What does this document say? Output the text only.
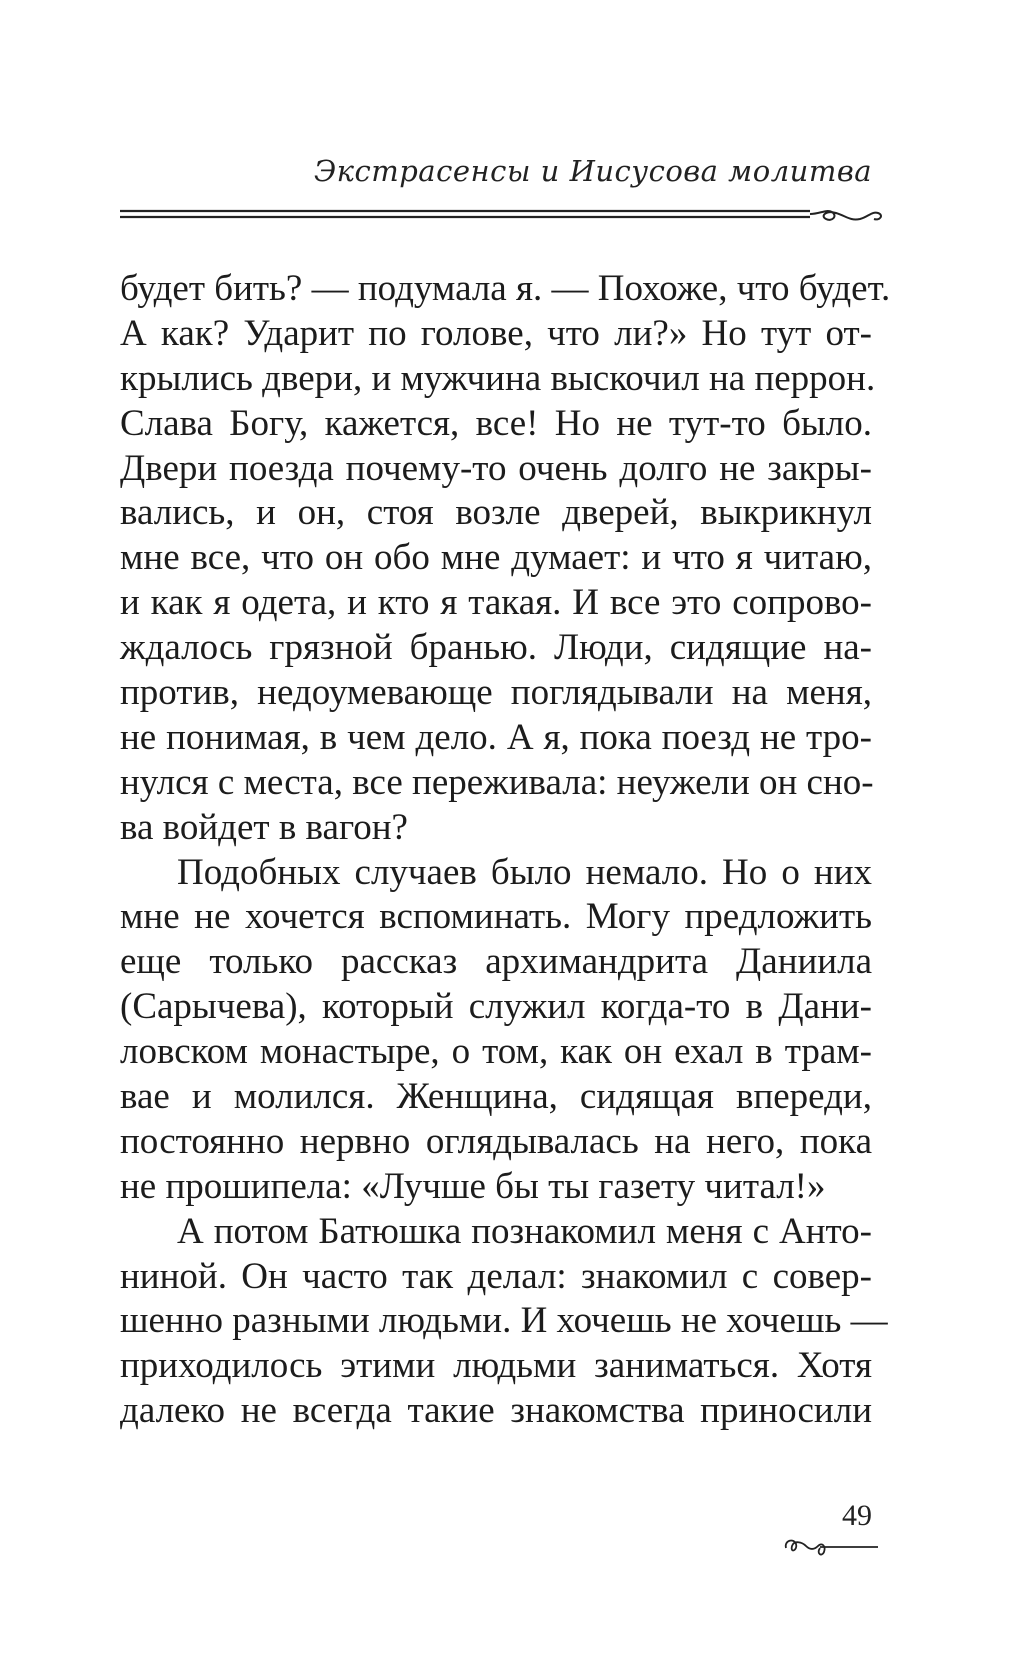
Экстрасенсы и Иисусова молитва
будет бить? — подумала я. — Похоже, что будет.
А как? Ударит по голове, что ли?» Но тут от-
крылись двери, и мужчина выскочил на перрон.
Слава Богу, кажется, все! Но не тут-то было.
Двери поезда почему-то очень долго не закры-
вались, и он, стоя возле дверей, выкрикнул
мне все, что он обо мне думает: и что я читаю,
и как я одета, и кто я такая. И все это сопрово-
ждалось грязной бранью. Люди, сидящие на-
против, недоумевающе поглядывали на меня,
не понимая, в чем дело. А я, пока поезд не тро-
нулся с места, все переживала: неужели он сно-
ва войдет в вагон?
Подобных случаев было немало. Но о них
мне не хочется вспоминать. Могу предложить
еще только рассказ архимандрита Даниила
(Сарычева), который служил когда-то в Дани-
ловском монастыре, о том, как он ехал в трам-
вае и молился. Женщина, сидящая впереди,
постоянно нервно оглядывалась на него, пока
не прошипела: «Лучше бы ты газету читал!»
А потом Батюшка познакомил меня с Анто-
ниной. Он часто так делал: знакомил с совер-
шенно разными людьми. И хочешь не хочешь —
приходилось этими людьми заниматься. Хотя
далеко не всегда такие знакомства приносили
49
